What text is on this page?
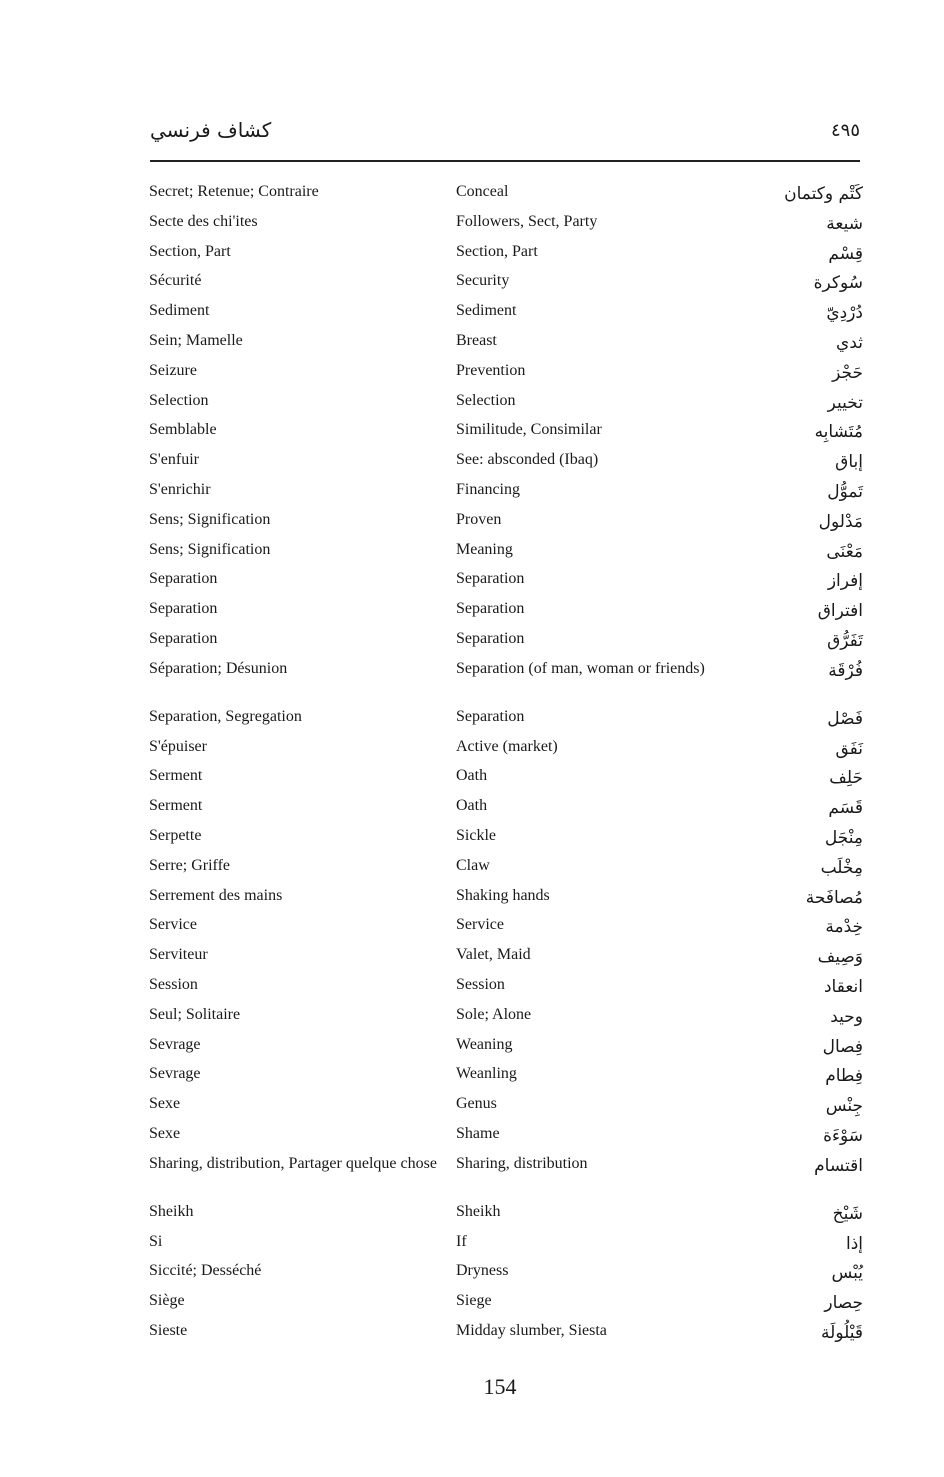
كشاف فرنسي	٤٩٥
Secret; Retenue; Contraire	Conceal	كَتْم وكتمان
Secte des chi'ites	Followers, Sect, Party	شيعة
Section, Part	Section, Part	قِسْم
Sécurité	Security	سُوكرة
Sediment	Sediment	دُرْدِيّ
Sein; Mamelle	Breast	ثدي
Seizure	Prevention	حَجْز
Selection	Selection	تخيير
Semblable	Similitude, Consimilar	مُتَشابِه
S'enfuir	See: absconded (Ibaq)	إباق
S'enrichir	Financing	تَموُّل
Sens; Signification	Proven	مَدْلول
Sens; Signification	Meaning	مَعْنَى
Separation	Separation	إفراز
Separation	Separation	افتراق
Separation	Separation	تَفَرُّق
Séparation; Désunion	Separation (of man, woman or friends)	فُرْقَة
Separation, Segregation	Separation	فَصْل
S'épuiser	Active (market)	نَفَق
Serment	Oath	حَلِف
Serment	Oath	قَسَم
Serpette	Sickle	مِنْجَل
Serre; Griffe	Claw	مِخْلَب
Serrement des mains	Shaking hands	مُصافَحة
Service	Service	خِدْمة
Serviteur	Valet, Maid	وَصِيف
Session	Session	انعقاد
Seul; Solitaire	Sole; Alone	وحيد
Sevrage	Weaning	فِصال
Sevrage	Weanling	فِطام
Sexe	Genus	جِنْس
Sexe	Shame	سَوْءَة
Sharing, distribution, Partager quelque chose	Sharing, distribution	اقتسام
Sheikh	Sheikh	شَيْخ
Si	If	إذا
Siccité; Desséché	Dryness	يُبْس
Siège	Siege	حِصار
Sieste	Midday slumber, Siesta	قَيْلُولَة
154
